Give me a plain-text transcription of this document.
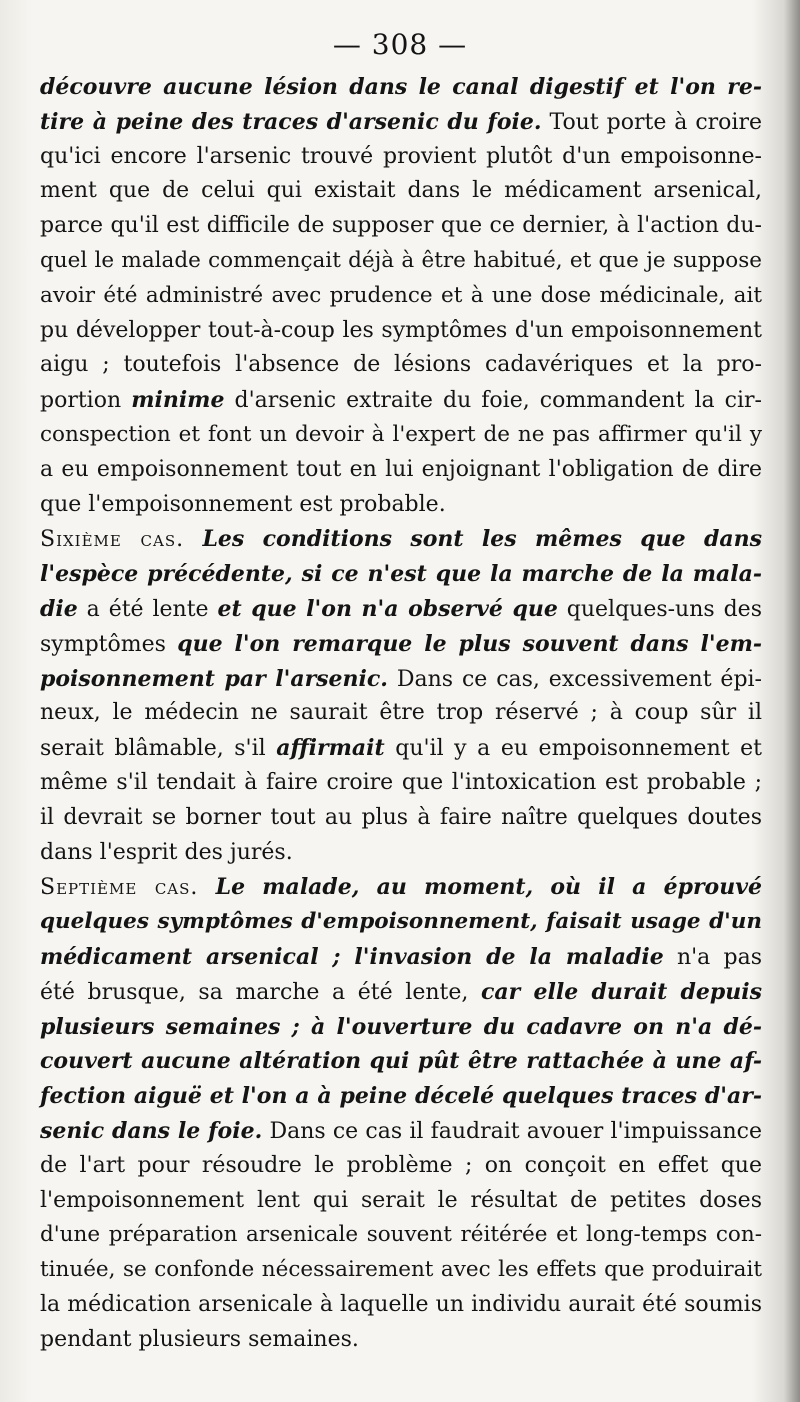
— 308 —
découvre aucune lésion dans le canal digestif et l'on re-
tire à peine des traces d'arsenic du foie. Tout porte à croire
qu'ici encore l'arsenic trouvé provient plutôt d'un empoisonne-
ment que de celui qui existait dans le médicament arsenical,
parce qu'il est difficile de supposer que ce dernier, à l'action du-
quel le malade commençait déjà à être habitué, et que je suppose
avoir été administré avec prudence et à une dose médicinale, ait
pu développer tout-à-coup les symptômes d'un empoisonnement
aigu ; toutefois l'absence de lésions cadavériques et la pro-
portion minime d'arsenic extraite du foie, commandent la cir-
conspection et font un devoir à l'expert de ne pas affirmer qu'il y
a eu empoisonnement tout en lui enjoignant l'obligation de dire
que l'empoisonnement est probable.
Sixième cas. Les conditions sont les mêmes que dans
l'espèce précédente, si ce n'est que la marche de la mala-
die a été lente et que l'on n'a observé que quelques-uns des
symptômes que l'on remarque le plus souvent dans l'em-
poisonnement par l'arsenic. Dans ce cas, excessivement épi-
neux, le médecin ne saurait être trop réservé ; à coup sûr il
serait blâmable, s'il affirmait qu'il y a eu empoisonnement et
même s'il tendait à faire croire que l'intoxication est probable ;
il devrait se borner tout au plus à faire naître quelques doutes
dans l'esprit des jurés.
Septième cas. Le malade, au moment, où il a éprouvé
quelques symptômes d'empoisonnement, faisait usage d'un
médicament arsenical ; l'invasion de la maladie n'a pas
été brusque, sa marche a été lente, car elle durait depuis
plusieurs semaines ; à l'ouverture du cadavre on n'a dé-
couvert aucune altération qui pût être rattachée à une af-
fection aiguë et l'on a à peine décelé quelques traces d'ar-
senic dans le foie. Dans ce cas il faudrait avouer l'impuissance
de l'art pour résoudre le problème ; on conçoit en effet que
l'empoisonnement lent qui serait le résultat de petites doses
d'une préparation arsenicale souvent réitérée et long-temps con-
tinuée, se confonde nécessairement avec les effets que produirait
la médication arsenicale à laquelle un individu aurait été soumis
pendant plusieurs semaines.
